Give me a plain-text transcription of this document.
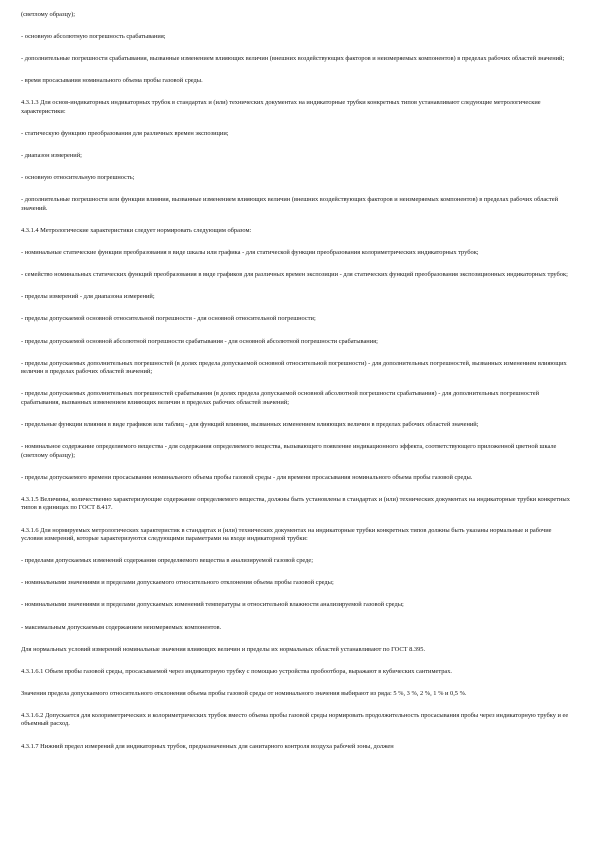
(светлому образцу);

- основную абсолютную погрешность срабатывания;

- дополнительные погрешности срабатывания, вызванные изменением влияющих величин (внешних воздействующих факторов и неизмеряемых компонентов) в пределах рабочих областей значений;

- время просасывания номинального объема пробы газовой среды.

4.3.1.3 Для основ-индикаторных индикаторных трубок в стандартах и (или) технических документах на индикаторные трубки конкретных типов устанавливают следующие метрологические характеристики:

- статическую функцию преобразования для различных времен экспозиции;

- диапазон измерений;

- основную относительную погрешность;

- дополнительные погрешности или функции влияния, вызванные изменением влияющих величин (внешних воздействующих факторов и неизмеряемых компонентов) в пределах рабочих областей значений.

4.3.1.4 Метрологические характеристики следует нормировать следующим образом:

- номинальные статические функции преобразования в виде шкалы или графика - для статической функции преобразования колориметрических индикаторных трубок;

- семейство номинальных статических функций преобразования в виде графиков для различных времен экспозиции - для статических функций преобразования экспозиционных индикаторных трубок;

- пределы измерений - для диапазона измерений;

- пределы допускаемой основной относительной погрешности - для основной относительной погрешности;

- пределы допускаемой основной абсолютной погрешности срабатывания - для основной абсолютной погрешности срабатывания;

- пределы допускаемых дополнительных погрешностей (в долях предела допускаемой основной относительной погрешности) - для дополнительных погрешностей, вызванных изменением влияющих величин в пределах рабочих областей значений;

- пределы допускаемых дополнительных погрешностей срабатывания (в долях предела допускаемой основной абсолютной погрешности срабатывания) - для дополнительных погрешностей срабатывания, вызванных изменением влияющих величин в пределах рабочих областей значений;

- предельные функции влияния в виде графиков или таблиц - для функций влияния, вызванных изменением влияющих величин в пределах рабочих областей значений;

- номинальное содержание определяемого вещества - для содержания определяемого вещества, вызывающего появление индикационного эффекта, соответствующего приложенной цветной шкале (светлому образцу);

- пределы допускаемого времени просасывания номинального объема пробы газовой среды - для времени просасывания номинального объема пробы газовой среды.

4.3.1.5 Величины, количественно характеризующие содержание определяемого вещества, должны быть установлены в стандартах и (или) технических документах на индикаторные трубки конкретных типов в единицах по ГОСТ 8.417.

4.3.1.6 Для нормируемых метрологических характеристик в стандартах и (или) технических документах на индикаторные трубки конкретных типов должны быть указаны нормальные и рабочие условия измерений, которые характеризуются следующими параметрами на входе индикаторной трубки:

- пределами допускаемых изменений содержания определяемого вещества в анализируемой газовой среде;

- номинальными значениями и пределами допускаемого относительного отклонения объема пробы газовой среды;

- номинальными значениями и пределами допускаемых изменений температуры и относительной влажности анализируемой газовой среды;

- максимальным допускаемым содержанием неизмеряемых компонентов.

Для нормальных условий измерений номинальные значения влияющих величин и пределы их нормальных областей устанавливают по ГОСТ 8.395.

4.3.1.6.1 Объем пробы газовой среды, просасываемой через индикаторную трубку с помощью устройства пробоотбора, выражают в кубических сантиметрах.

Значения предела допускаемого относительного отклонения объема пробы газовой среды от номинального значения выбирают из ряда: 5 %, 3 %, 2 %, 1 % и 0,5 %.

4.3.1.6.2 Допускается для колориметрических и колориметрических трубок вместо объема пробы газовой среды нормировать продолжительность просасывания пробы через индикаторную трубку и ее объемный расход.

4.3.1.7 Нижний предел измерений для индикаторных трубок, предназначенных для санитарного контроля воздуха рабочей зоны, должен
